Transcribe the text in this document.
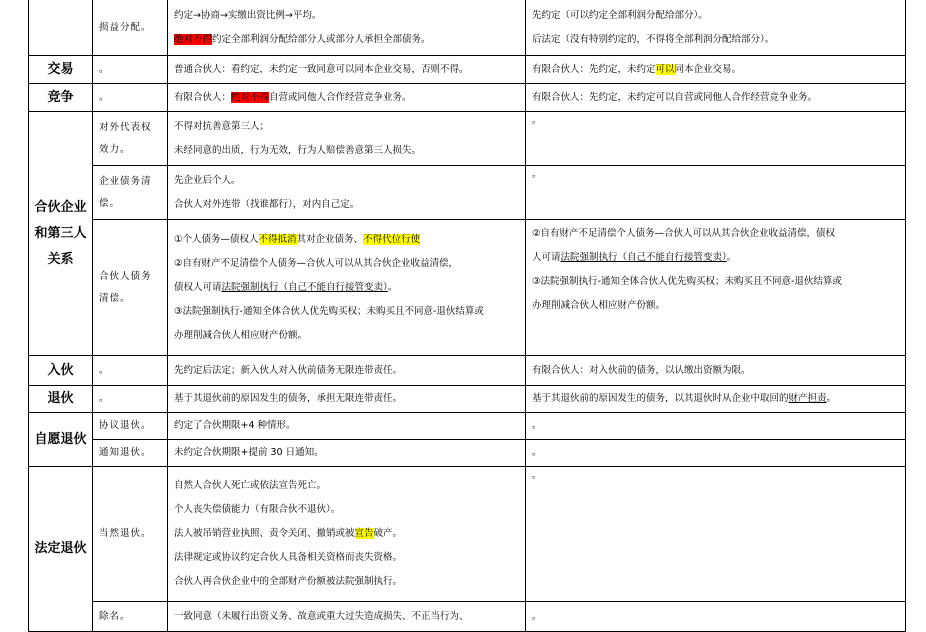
	损益分配。	约定→协商→实缴出资比例→平均。
绝对不得约定全部利润分配给部分人或部分人承担全部债务。	先约定（可以约定全部利润分配给部分）。
后法定（没有特别约定的，不得将全部利润分配给部分）。

交易	。	普通合伙人：看约定，未约定一致同意可以同本企业交易，否则不得。	有限合伙人：先约定，未约定可以同本企业交易。
竞争	。	有限合伙人：绝对不得自营或同他人合作经营竞争业务。	有限合伙人：先约定，未约定可以自营或同他人合作经营竞争业务。
合伙企业和第三人关系	对外代表权效力。	不得对抗善意第三人；
未经同意的出质，行为无效，行为人赔偿善意第三人损失。	。
	企业债务清偿。	先企业后个人。
合伙人对外连带（找谁都行），对内自己定。	。
	合伙人债务清偿。	①个人债务—债权人不得抵消其对企业债务、不得代位行使
②自有财产不足清偿个人债务—合伙人可以从其合伙企业收益清偿，
债权人可请法院强制执行（自己不能自行接管变卖）。
③法院强制执行-通知全体合伙人优先购买权；未购买且不同意-退伙结算或
办理削减合伙人相应财产份额。	②自有财产不足清偿个人债务—合伙人可以从其合伙企业收益清偿，债权
人可请法院强制执行（自己不能自行接管变卖）。
③法院强制执行-通知全体合伙人优先购买权；未购买且不同意-退伙结算或
办理削减合伙人相应财产份额。

入伙	。	先约定后法定；新入伙人对入伙前债务无限连带责任。	有限合伙人：对入伙前的债务，以认缴出资额为限。
退伙	。	基于其退伙前的原因发生的债务，承担无限连带责任。	基于其退伙前的原因发生的债务，以其退伙时从企业中取回的财产担责。
自愿退伙	协议退伙。	约定了合伙期限+4 种情形。	。
	通知退伙。	未约定合伙期限+提前 30 日通知。	。
法定退伙	当然退伙。	自然人合伙人死亡或依法宣告死亡。
个人丧失偿债能力（有限合伙不退伙）。
法人被吊销营业执照、责令关闭、撤销或被宣告破产。
法律规定或协议约定合伙人具备相关资格而丧失资格。
合伙人再合伙企业中的全部财产份额被法院强制执行。	。
	除名。	一致同意（未履行出资义务、故意或重大过失造成损失、不正当行为、	。
